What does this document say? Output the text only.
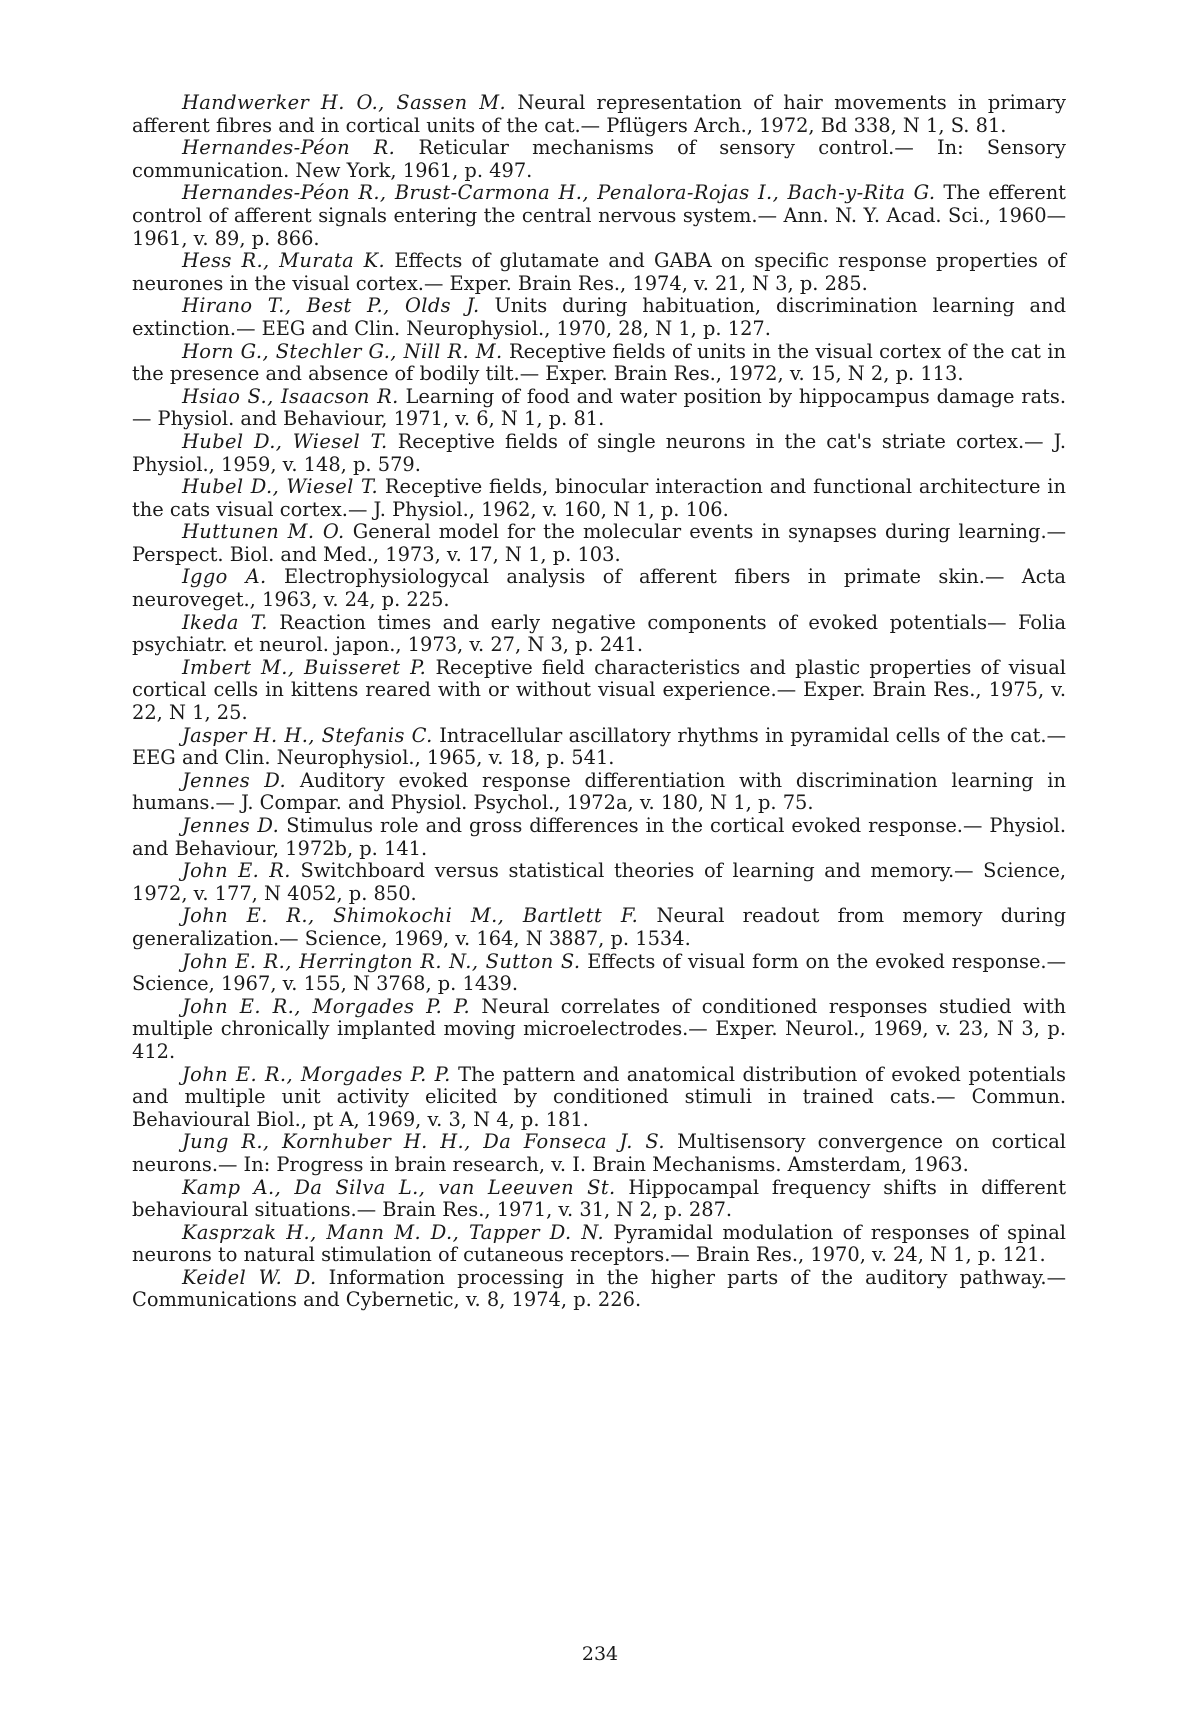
Handwerker H. O., Sassen M. Neural representation of hair movements in primary afferent fibres and in cortical units of the cat.— Pflügers Arch., 1972, Bd 338, N 1, S. 81.

Hernandes-Péon R. Reticular mechanisms of sensory control.— In: Sensory communication. New York, 1961, p. 497.

Hernandes-Péon R., Brust-Carmona H., Penalora-Rojas I., Bach-y-Rita G. The efferent control of afferent signals entering the central nervous system.— Ann. N. Y. Acad. Sci., 1960—1961, v. 89, p. 866.

Hess R., Murata K. Effects of glutamate and GABA on specific response properties of neurones in the visual cortex.— Exper. Brain Res., 1974, v. 21, N 3, p. 285.

Hirano T., Best P., Olds J. Units during habituation, discrimination learning and extinction.— EEG and Clin. Neurophysiol., 1970, 28, N 1, p. 127.

Horn G., Stechler G., Nill R. M. Receptive fields of units in the visual cortex of the cat in the presence and absence of bodily tilt.— Exper. Brain Res., 1972, v. 15, N 2, p. 113.

Hsiao S., Isaacson R. Learning of food and water position by hippocampus damage rats.— Physiol. and Behaviour, 1971, v. 6, N 1, p. 81.

Hubel D., Wiesel T. Receptive fields of single neurons in the cat's striate cortex.— J. Physiol., 1959, v. 148, p. 579.

Hubel D., Wiesel T. Receptive fields, binocular interaction and functional architecture in the cats visual cortex.— J. Physiol., 1962, v. 160, N 1, p. 106.

Huttunen M. O. General model for the molecular events in synapses during learning.— Perspect. Biol. and Med., 1973, v. 17, N 1, p. 103.

Iggo A. Electrophysiologycal analysis of afferent fibers in primate skin.— Acta neuroveget., 1963, v. 24, p. 225.

Ikeda T. Reaction times and early negative components of evoked potentials— Folia psychiatr. et neurol. japon., 1973, v. 27, N 3, p. 241.

Imbert M., Buisseret P. Receptive field characteristics and plastic properties of visual cortical cells in kittens reared with or without visual experience.— Exper. Brain Res., 1975, v. 22, N 1, 25.

Jasper H. H., Stefanis C. Intracellular ascillatory rhythms in pyramidal cells of the cat.— EEG and Clin. Neurophysiol., 1965, v. 18, p. 541.

Jennes D. Auditory evoked response differentiation with discrimination learning in humans.— J. Compar. and Physiol. Psychol., 1972a, v. 180, N 1, p. 75.

Jennes D. Stimulus role and gross differences in the cortical evoked response.— Physiol. and Behaviour, 1972b, p. 141.

John E. R. Switchboard versus statistical theories of learning and memory.— Science, 1972, v. 177, N 4052, p. 850.

John E. R., Shimokochi M., Bartlett F. Neural readout from memory during generalization.— Science, 1969, v. 164, N 3887, p. 1534.

John E. R., Herrington R. N., Sutton S. Effects of visual form on the evoked response.— Science, 1967, v. 155, N 3768, p. 1439.

John E. R., Morgades P. P. Neural correlates of conditioned responses studied with multiple chronically implanted moving microelectrodes.— Exper. Neurol., 1969, v. 23, N 3, p. 412.

John E. R., Morgades P. P. The pattern and anatomical distribution of evoked potentials and multiple unit activity elicited by conditioned stimuli in trained cats.— Commun. Behavioural Biol., pt A, 1969, v. 3, N 4, p. 181.

Jung R., Kornhuber H. H., Da Fonseca J. S. Multisensory convergence on cortical neurons.— In: Progress in brain research, v. I. Brain Mechanisms. Amsterdam, 1963.

Kamp A., Da Silva L., van Leeuven St. Hippocampal frequency shifts in different behavioural situations.— Brain Res., 1971, v. 31, N 2, p. 287.

Kasprzak H., Mann M. D., Tapper D. N. Pyramidal modulation of responses of spinal neurons to natural stimulation of cutaneous receptors.— Brain Res., 1970, v. 24, N 1, p. 121.

Keidel W. D. Information processing in the higher parts of the auditory pathway.— Communications and Cybernetic, v. 8, 1974, p. 226.

234
